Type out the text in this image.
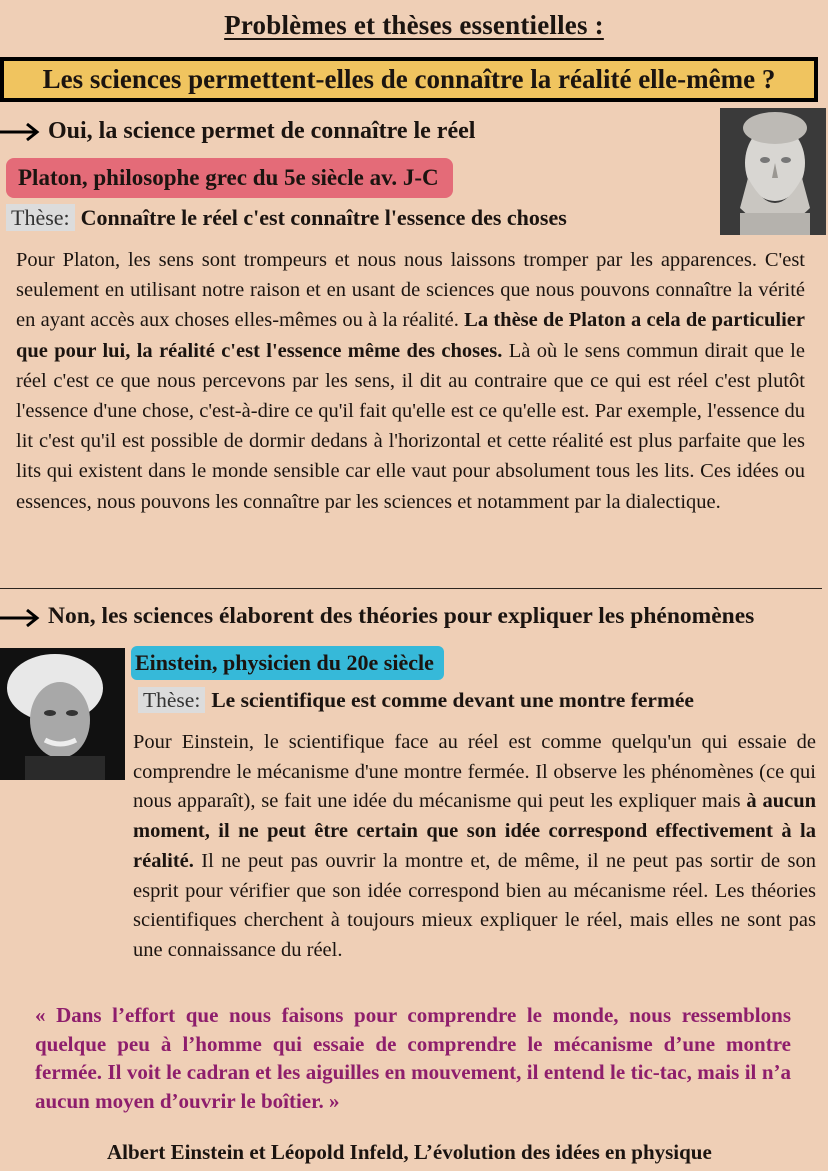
Problèmes et thèses essentielles :
Les sciences permettent-elles de connaître la réalité elle-même ?
Oui, la science permet de connaître le réel
Platon, philosophe grec du 5e siècle av. J-C
Thèse: Connaître le réel c'est connaître l'essence des choses
Pour Platon, les sens sont trompeurs et nous nous laissons tromper par les apparences. C'est seulement en utilisant notre raison et en usant de sciences que nous pouvons connaître la vérité en ayant accès aux choses elles-mêmes ou à la réalité. La thèse de Platon a cela de particulier que pour lui, la réalité c'est l'essence même des choses. Là où le sens commun dirait que le réel c'est ce que nous percevons par les sens, il dit au contraire que ce qui est réel c'est plutôt l'essence d'une chose, c'est-à-dire ce qu'il fait qu'elle est ce qu'elle est. Par exemple, l'essence du lit c'est qu'il est possible de dormir dedans à l'horizontal et cette réalité est plus parfaite que les lits qui existent dans le monde sensible car elle vaut pour absolument tous les lits. Ces idées ou essences, nous pouvons les connaître par les sciences et notamment par la dialectique.
Non, les sciences élaborent des théories pour expliquer les phénomènes
Einstein, physicien du 20e siècle
Thèse: Le scientifique est comme devant une montre fermée
Pour Einstein, le scientifique face au réel est comme quelqu'un qui essaie de comprendre le mécanisme d'une montre fermée. Il observe les phénomènes (ce qui nous apparaît), se fait une idée du mécanisme qui peut les expliquer mais à aucun moment, il ne peut être certain que son idée correspond effectivement à la réalité. Il ne peut pas ouvrir la montre et, de même, il ne peut pas sortir de son esprit pour vérifier que son idée correspond bien au mécanisme réel. Les théories scientifiques cherchent à toujours mieux expliquer le réel, mais elles ne sont pas une connaissance du réel.
« Dans l’effort que nous faisons pour comprendre le monde, nous ressemblons quelque peu à l’homme qui essaie de comprendre le mécanisme d’une montre fermée. Il voit le cadran et les aiguilles en mouvement, il entend le tic-tac, mais il n’a aucun moyen d’ouvrir le boîtier. »
Albert Einstein et Léopold Infeld, L’évolution des idées en physique
